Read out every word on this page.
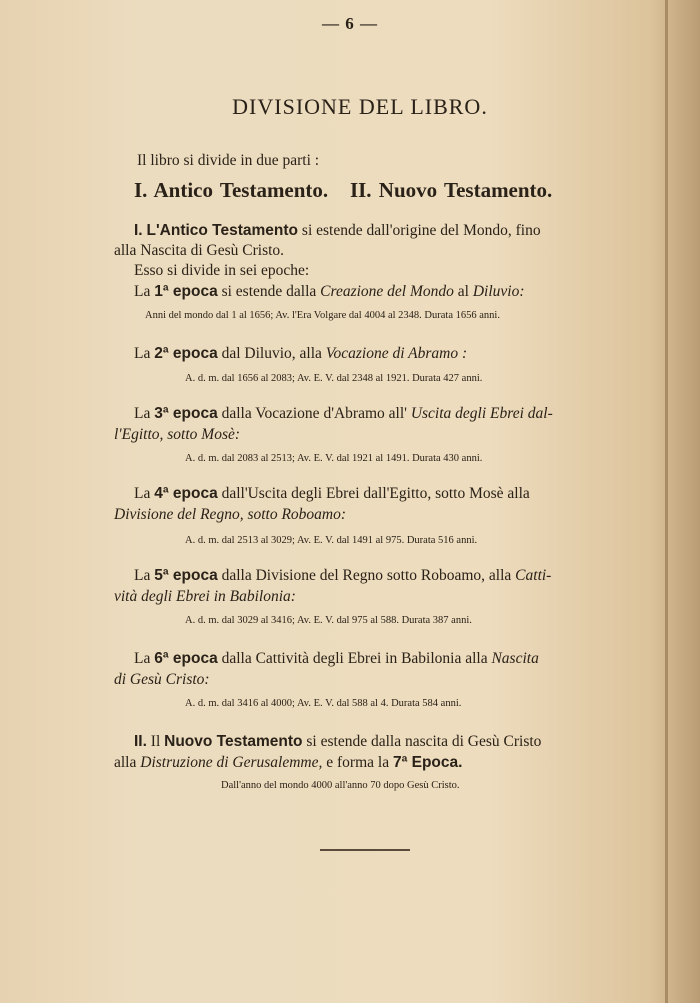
— 6 —
DIVISIONE DEL LIBRO.
Il libro si divide in due parti :
I. Antico Testamento. II. Nuovo Testamento.
I. L'Antico Testamento si estende dall'origine del Mondo, fino
alla Nascita di Gesù Cristo.
Esso si divide in sei epoche:
La 1ª epoca si estende dalla Creazione del Mondo al Diluvio:
Anni del mondo dal 1 al 1656; Av. l'Era Volgare dal 4004 al 2348. Durata 1656 anni.
La 2ª epoca dal Diluvio, alla Vocazione di Abramo :
A. d. m. dal 1656 al 2083; Av. E. V. dal 2348 al 1921. Durata 427 anni.
La 3ª epoca dalla Vocazione d'Abramo all' Uscita degli Ebrei dal-
l'Egitto, sotto Mosè:
A. d. m. dal 2083 al 2513; Av. E. V. dal 1921 al 1491. Durata 430 anni.
La 4ª epoca dall'Uscita degli Ebrei dall'Egitto, sotto Mosè alla
Divisione del Regno, sotto Roboamo:
A. d. m. dal 2513 al 3029; Av. E. V. dal 1491 al 975. Durata 516 anni.
La 5ª epoca dalla Divisione del Regno sotto Roboamo, alla Catti-
vità degli Ebrei in Babilonia:
A. d. m. dal 3029 al 3416; Av. E. V. dal 975 al 588. Durata 387 anni.
La 6ª epoca dalla Cattività degli Ebrei in Babilonia alla Nascita
di Gesù Cristo:
A. d. m. dal 3416 al 4000; Av. E. V. dal 588 al 4. Durata 584 anni.
II. Il Nuovo Testamento si estende dalla nascita di Gesù Cristo
alla Distruzione di Gerusalemme, e forma la 7ª Epoca.
Dall'anno del mondo 4000 all'anno 70 dopo Gesù Cristo.
